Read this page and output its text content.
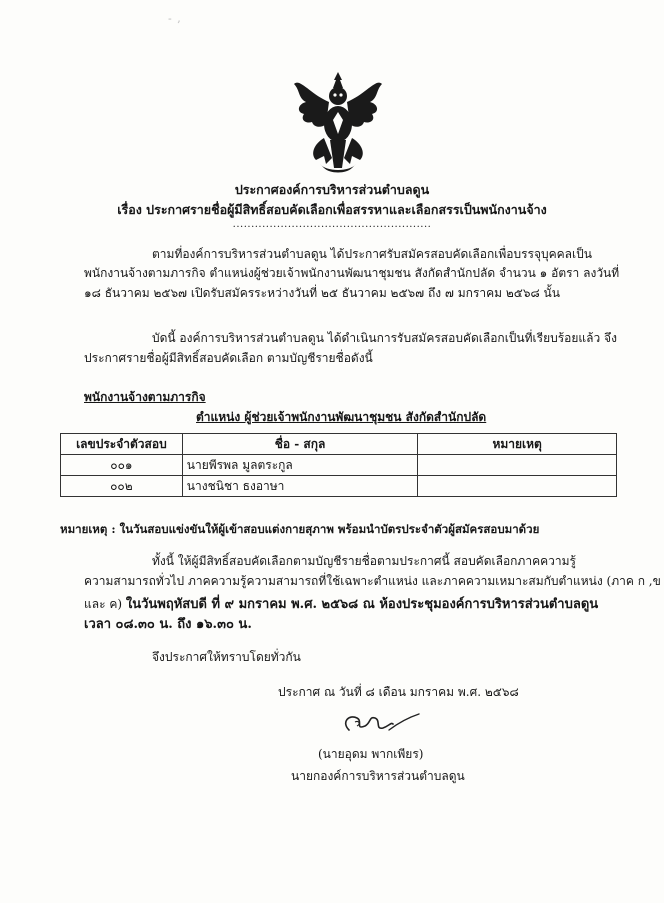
- ,
ประกาศองค์การบริหารส่วนตำบลดูน
เรื่อง ประกาศรายชื่อผู้มีสิทธิ์สอบคัดเลือกเพื่อสรรหาและเลือกสรรเป็นพนักงานจ้าง
......................................................
ตามที่องค์การบริหารส่วนตำบลดูน ได้ประกาศรับสมัครสอบคัดเลือกเพื่อบรรจุบุคคลเป็น
พนักงานจ้างตามภารกิจ ตำแหน่งผู้ช่วยเจ้าพนักงานพัฒนาชุมชน สังกัดสำนักปลัด จำนวน ๑ อัตรา ลงวันที่
๑๘ ธันวาคม ๒๕๖๗ เปิดรับสมัครระหว่างวันที่ ๒๕ ธันวาคม ๒๕๖๗ ถึง ๗ มกราคม ๒๕๖๘ นั้น
บัดนี้ องค์การบริหารส่วนตำบลดูน ได้ดำเนินการรับสมัครสอบคัดเลือกเป็นที่เรียบร้อยแล้ว จึง
ประกาศรายชื่อผู้มีสิทธิ์สอบคัดเลือก ตามบัญชีรายชื่อดังนี้
พนักงานจ้างตามภารกิจ
ตำแหน่ง ผู้ช่วยเจ้าพนักงานพัฒนาชุมชน สังกัดสำนักปลัด
เลขประจำตัวสอบ	ชื่อ - สกุล	หมายเหตุ
๐๐๑	นายพีรพล มูลตระกูล	
๐๐๒	นางชนิชา ธงอาษา	
หมายเหตุ : ในวันสอบแข่งขันให้ผู้เข้าสอบแต่งกายสุภาพ พร้อมนำบัตรประจำตัวผู้สมัครสอบมาด้วย
ทั้งนี้ ให้ผู้มีสิทธิ์สอบคัดเลือกตามบัญชีรายชื่อตามประกาศนี้ สอบคัดเลือกภาคความรู้
ความสามารถทั่วไป ภาคความรู้ความสามารถที่ใช้เฉพาะตำแหน่ง และภาคความเหมาะสมกับตำแหน่ง (ภาค ก ,ข
และ ค) ในวันพฤหัสบดี ที่ ๙ มกราคม พ.ศ. ๒๕๖๘ ณ ห้องประชุมองค์การบริหารส่วนตำบลดูน
เวลา ๐๘.๓๐ น. ถึง ๑๖.๓๐ น.
จึงประกาศให้ทราบโดยทั่วกัน
ประกาศ ณ วันที่ ๘ เดือน มกราคม พ.ศ. ๒๕๖๘
(นายอุดม พากเพียร)
นายกองค์การบริหารส่วนตำบลดูน
